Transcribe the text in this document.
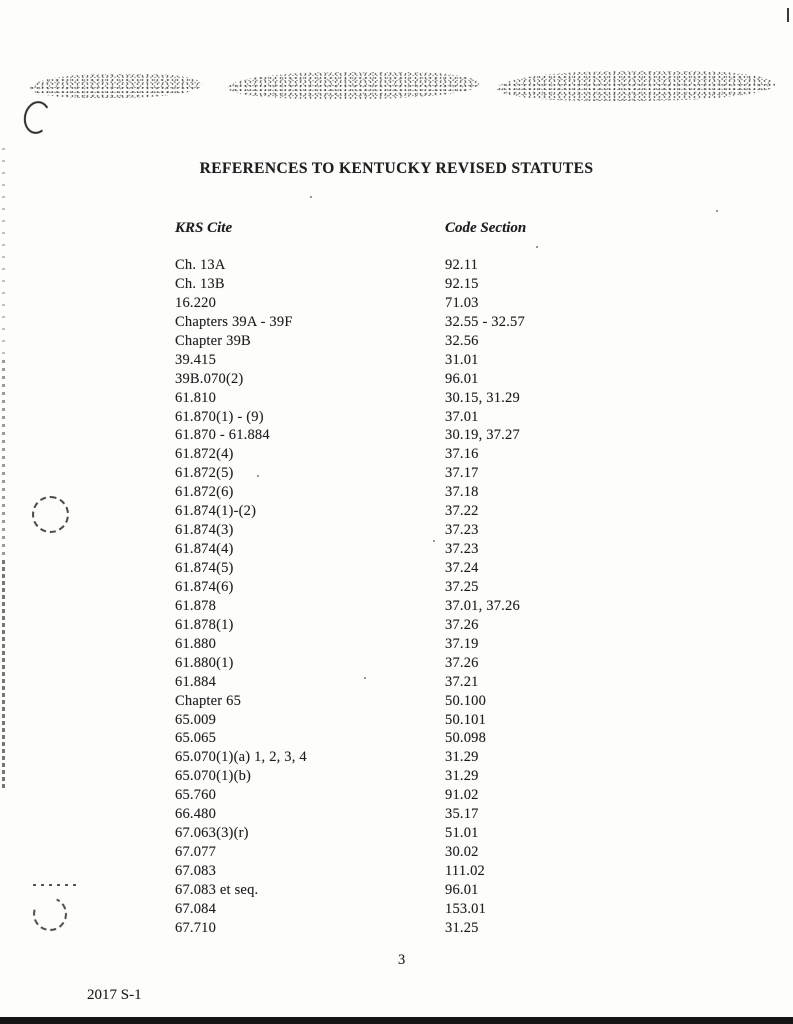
REFERENCES TO KENTUCKY REVISED STATUTES
KRS Cite	Code Section
Ch. 13A	92.11
Ch. 13B	92.15
16.220	71.03
Chapters 39A - 39F	32.55 - 32.57
Chapter 39B	32.56
39.415	31.01
39B.070(2)	96.01
61.810	30.15, 31.29
61.870(1) - (9)	37.01
61.870 - 61.884	30.19, 37.27
61.872(4)	37.16
61.872(5)	37.17
61.872(6)	37.18
61.874(1)-(2)	37.22
61.874(3)	37.23
61.874(4)	37.23
61.874(5)	37.24
61.874(6)	37.25
61.878	37.01, 37.26
61.878(1)	37.26
61.880	37.19
61.880(1)	37.26
61.884	37.21
Chapter 65	50.100
65.009	50.101
65.065	50.098
65.070(1)(a) 1, 2, 3, 4	31.29
65.070(1)(b)	31.29
65.760	91.02
66.480	35.17
67.063(3)(r)	51.01
67.077	30.02
67.083	111.02
67.083 et seq.	96.01
67.084	153.01
67.710	31.25
3
2017 S-1
